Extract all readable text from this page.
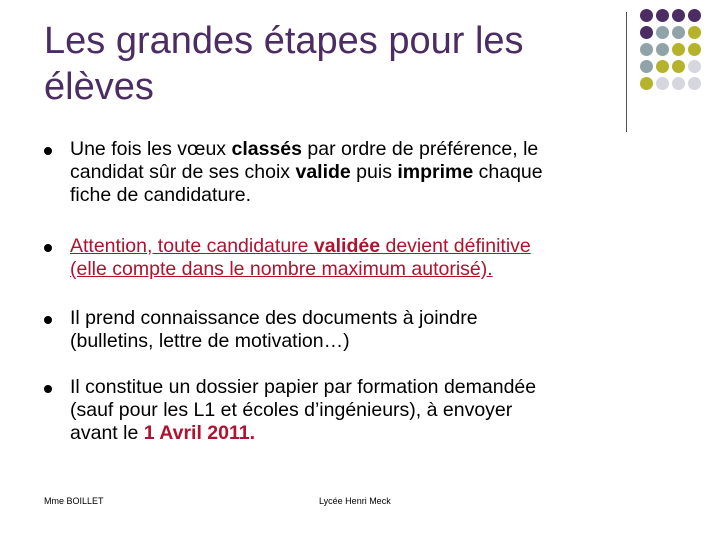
Les grandes étapes pour les
élèves
Une fois les vœux classés par ordre de préférence, le
candidat sûr de ses choix valide puis imprime chaque
fiche de candidature.
Attention, toute candidature validée devient définitive
(elle compte dans le nombre maximum autorisé).
Il prend connaissance des documents à joindre
(bulletins, lettre de motivation…)
Il constitue un dossier papier par formation demandée
(sauf pour les L1 et écoles d’ingénieurs), à envoyer
avant le 1 Avril 2011.
Mme BOILLET	Lycée Henri Meck
